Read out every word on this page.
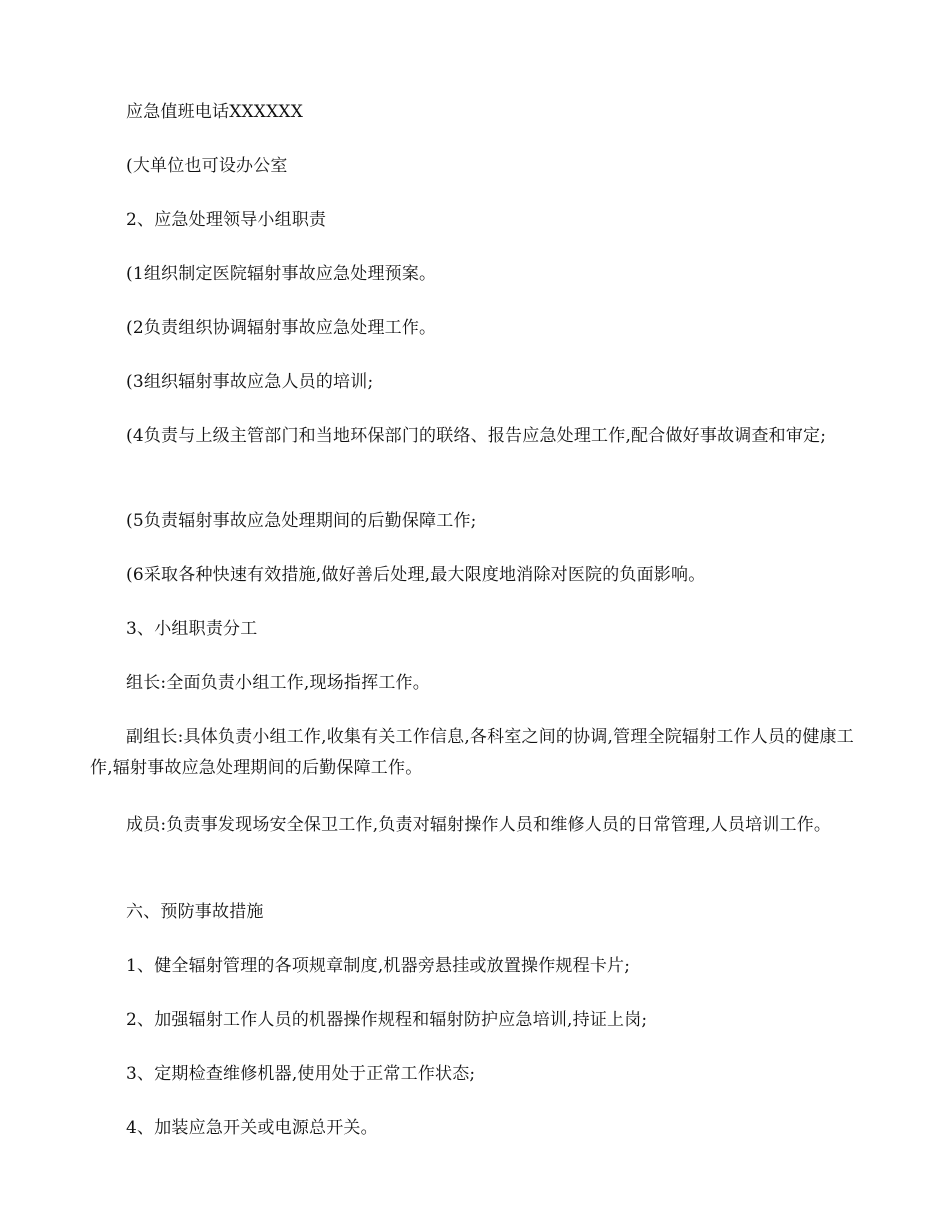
应急值班电话XXXXXX

(大单位也可设办公室

2、应急处理领导小组职责

(1组织制定医院辐射事故应急处理预案。

(2负责组织协调辐射事故应急处理工作。

(3组织辐射事故应急人员的培训;

(4负责与上级主管部门和当地环保部门的联络、报告应急处理工作,配合做好事故调查和审定;

(5负责辐射事故应急处理期间的后勤保障工作;

(6采取各种快速有效措施,做好善后处理,最大限度地消除对医院的负面影响。

3、小组职责分工

组长:全面负责小组工作,现场指挥工作。

副组长:具体负责小组工作,收集有关工作信息,各科室之间的协调,管理全院辐射工作人员的健康工作,辐射事故应急处理期间的后勤保障工作。

成员:负责事发现场安全保卫工作,负责对辐射操作人员和维修人员的日常管理,人员培训工作。

六、预防事故措施

1、健全辐射管理的各项规章制度,机器旁悬挂或放置操作规程卡片;

2、加强辐射工作人员的机器操作规程和辐射防护应急培训,持证上岗;

3、定期检查维修机器,使用处于正常工作状态;

4、加装应急开关或电源总开关。
